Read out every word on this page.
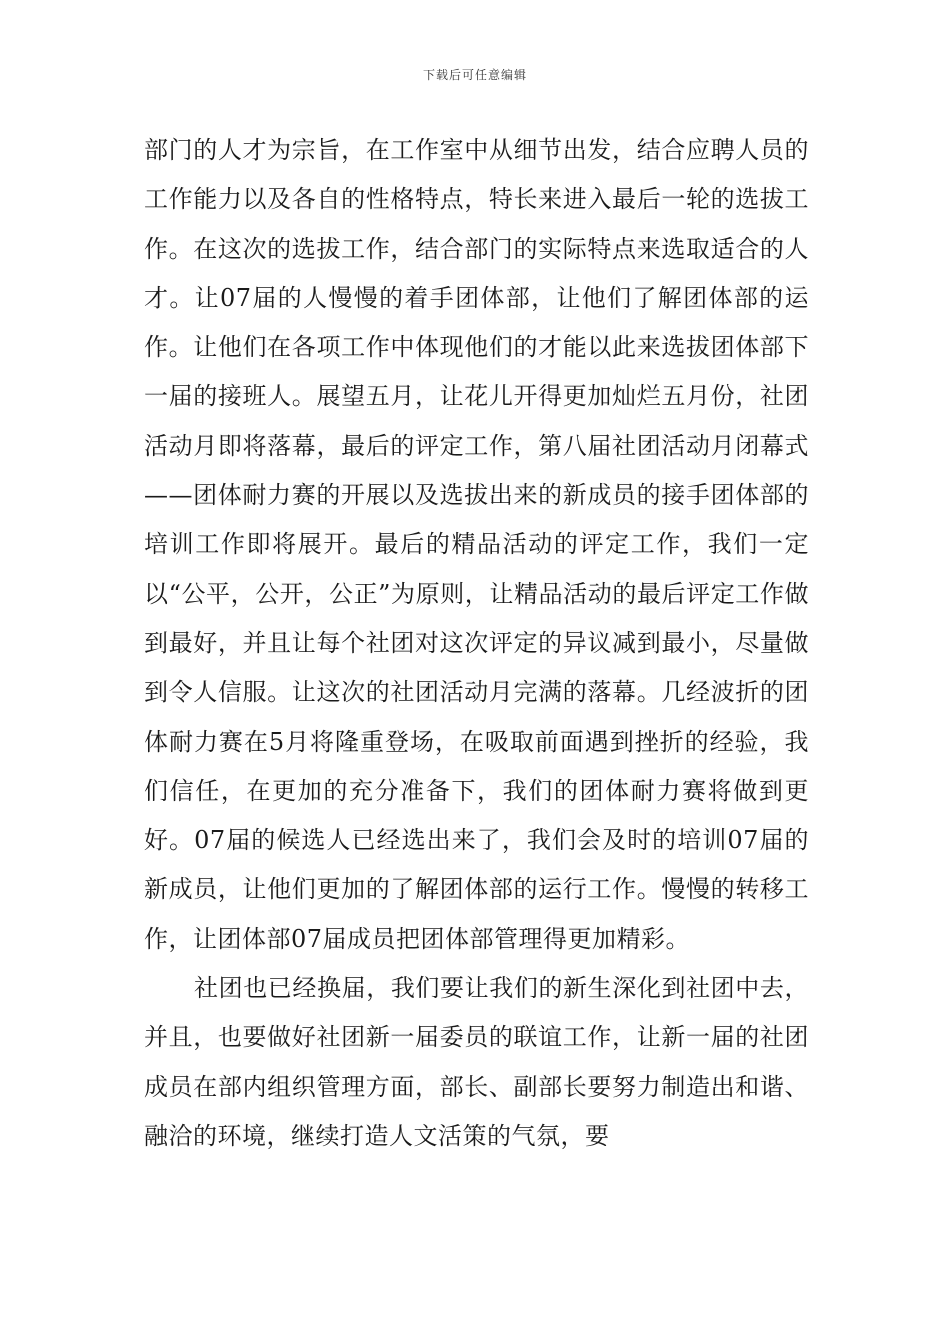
下载后可任意编辑

部门的人才为宗旨，在工作室中从细节出发，结合应聘人员的工作能力以及各自的性格特点，特长来进入最后一轮的选拔工作。在这次的选拔工作，结合部门的实际特点来选取适合的人才。让07届的人慢慢的着手团体部，让他们了解团体部的运作。让他们在各项工作中体现他们的才能以此来选拔团体部下一届的接班人。展望五月，让花儿开得更加灿烂五月份，社团活动月即将落幕，最后的评定工作，第八届社团活动月闭幕式——团体耐力赛的开展以及选拔出来的新成员的接手团体部的培训工作即将展开。最后的精品活动的评定工作，我们一定以“公平，公开，公正”为原则，让精品活动的最后评定工作做到最好，并且让每个社团对这次评定的异议减到最小，尽量做到令人信服。让这次的社团活动月完满的落幕。几经波折的团体耐力赛在5月将隆重登场，在吸取前面遇到挫折的经验，我们信任，在更加的充分准备下，我们的团体耐力赛将做到更好。07届的候选人已经选出来了，我们会及时的培训07届的新成员，让他们更加的了解团体部的运行工作。慢慢的转移工作，让团体部07届成员把团体部管理得更加精彩。

社团也已经换届，我们要让我们的新生深化到社团中去，并且，也要做好社团新一届委员的联谊工作，让新一届的社团成员在部内组织管理方面，部长、副部长要努力制造出和谐、融洽的环境，继续打造人文活策的气氛，要
